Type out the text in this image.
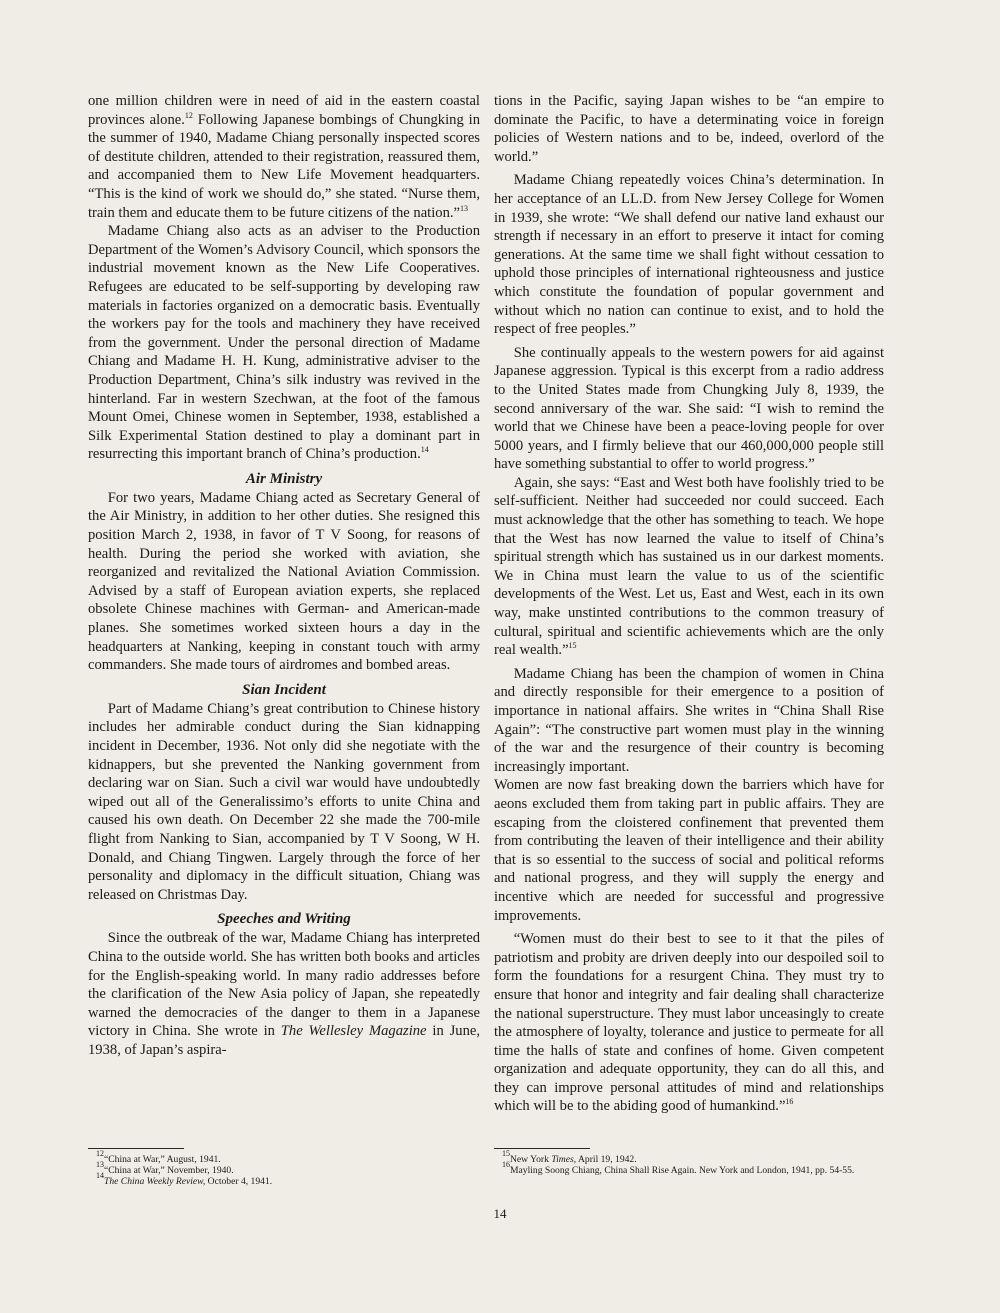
one million children were in need of aid in the eastern coastal provinces alone.$^{12}$ Following Japanese bombings of Chungking in the summer of 1940, Madame Chiang personally inspected scores of destitute children, attended to their registration, reassured them, and accompanied them to New Life Movement headquarters. “This is the kind of work we should do,” she stated. “Nurse them, train them and educate them to be future citizens of the nation.”$^{13}$

Madame Chiang also acts as an adviser to the Production Department of the Women’s Advisory Council, which sponsors the industrial movement known as the New Life Cooperatives. Refugees are educated to be self-supporting by developing raw materials in factories organized on a democratic basis. Eventually the workers pay for the tools and machinery they have received from the government. Under the personal direction of Madame Chiang and Madame H. H. Kung, administrative adviser to the Production Department, China’s silk industry was revived in the hinterland. Far in western Szechwan, at the foot of the famous Mount Omei, Chinese women in September, 1938, established a Silk Experimental Station destined to play a dominant part in resurrecting this important branch of China’s production.$^{14}$

Air Ministry

For two years, Madame Chiang acted as Secretary General of the Air Ministry, in addition to her other duties. She resigned this position March 2, 1938, in favor of T V Soong, for reasons of health. During the period she worked with aviation, she reorganized and revitalized the National Aviation Commission. Advised by a staff of European aviation experts, she replaced obsolete Chinese machines with German- and American-made planes. She sometimes worked sixteen hours a day in the headquarters at Nanking, keeping in constant touch with army commanders. She made tours of airdromes and bombed areas.

Sian Incident

Part of Madame Chiang’s great contribution to Chinese history includes her admirable conduct during the Sian kidnapping incident in December, 1936. Not only did she negotiate with the kidnappers, but she prevented the Nanking government from declaring war on Sian. Such a civil war would have undoubtedly wiped out all of the Generalissimo’s efforts to unite China and caused his own death. On December 22 she made the 700-mile flight from Nanking to Sian, accompanied by T V Soong, W H. Donald, and Chiang Tingwen. Largely through the force of her personality and diplomacy in the difficult situation, Chiang was released on Christmas Day.

Speeches and Writing

Since the outbreak of the war, Madame Chiang has interpreted China to the outside world. She has written both books and articles for the English-speaking world. In many radio addresses before the clarification of the New Asia policy of Japan, she repeatedly warned the democracies of the danger to them in a Japanese victory in China. She wrote in The Wellesley Magazine in June, 1938, of Japan’s aspira-

tions in the Pacific, saying Japan wishes to be “an empire to dominate the Pacific, to have a determinating voice in foreign policies of Western nations and to be, indeed, overlord of the world.”

Madame Chiang repeatedly voices China’s determination. In her acceptance of an LL.D. from New Jersey College for Women in 1939, she wrote: “We shall defend our native land exhaust our strength if necessary in an effort to preserve it intact for coming generations. At the same time we shall fight without cessation to uphold those principles of international righteousness and justice which constitute the foundation of popular government and without which no nation can continue to exist, and to hold the respect of free peoples.”

She continually appeals to the western powers for aid against Japanese aggression. Typical is this excerpt from a radio address to the United States made from Chungking July 8, 1939, the second anniversary of the war. She said: “I wish to remind the world that we Chinese have been a peace-loving people for over 5000 years, and I firmly believe that our 460,000,000 people still have something substantial to offer to world progress.”

Again, she says: “East and West both have foolishly tried to be self-sufficient. Neither had succeeded nor could succeed. Each must acknowledge that the other has something to teach. We hope that the West has now learned the value to itself of China’s spiritual strength which has sustained us in our darkest moments. We in China must learn the value to us of the scientific developments of the West. Let us, East and West, each in its own way, make unstinted contributions to the common treasury of cultural, spiritual and scientific achievements which are the only real wealth.”$^{15}$

Madame Chiang has been the champion of women in China and directly responsible for their emergence to a position of importance in national affairs. She writes in “China Shall Rise Again”: “The constructive part women must play in the winning of the war and the resurgence of their country is becoming increasingly important.

Women are now fast breaking down the barriers which have for aeons excluded them from taking part in public affairs. They are escaping from the cloistered confinement that prevented them from contributing the leaven of their intelligence and their ability that is so essential to the success of social and political reforms and national progress, and they will supply the energy and incentive which are needed for successful and progressive improvements.

“Women must do their best to see to it that the piles of patriotism and probity are driven deeply into our despoiled soil to form the foundations for a resurgent China. They must try to ensure that honor and integrity and fair dealing shall characterize the national superstructure. They must labor unceasingly to create the atmosphere of loyalty, tolerance and justice to permeate for all time the halls of state and confines of home. Given competent organization and adequate opportunity, they can do all this, and they can improve personal attitudes of mind and relationships which will be to the abiding good of humankind.”$^{16}$

$^{12}$“China at War,” August, 1941.

$^{13}$“China at War,” November, 1940.

$^{14}$The China Weekly Review, October 4, 1941.

$^{15}$New York Times, April 19, 1942.

$^{16}$Mayling Soong Chiang, China Shall Rise Again. New York and London, 1941, pp. 54-55.

14
